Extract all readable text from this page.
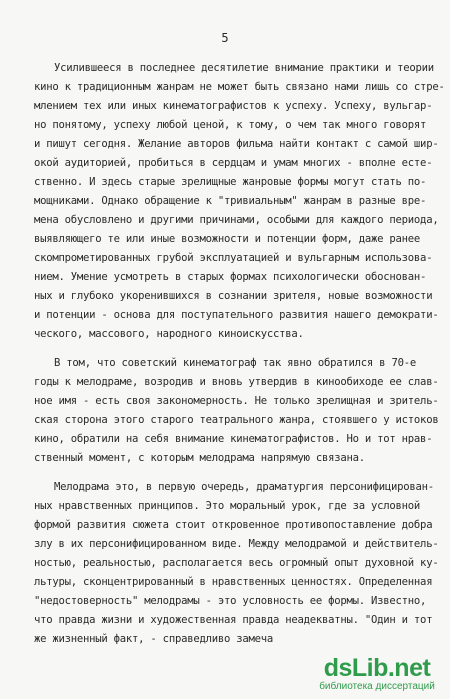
5
Усилившееся в последнее десятилетие внимание практики и теории
кино к традиционным жанрам не может быть связано нами лишь со стре-
млением тех или иных кинематографистов к успеху. Успеху, вульгар-
но понятому, успеху любой ценой, к тому, о чем так много говорят
и пишут сегодня. Желание авторов фильма найти контакт с самой шир-
окой аудиторией, пробиться в сердцам и умам многих - вполне есте-
ственно. И здесь старые зрелищные жанровые формы могут стать по-
мощниками. Однако обращение к "тривиальным" жанрам в разные вре-
мена обусловлено и другими причинами, особыми для каждого периода,
выявляющего те или иные возможности и потенции форм, даже ранее
скомпрометированных грубой эксплуатацией и вульгарным использова-
нием. Умение усмотреть в старых формах психологически обоснован-
ных и глубоко укоренившихся в сознании зрителя, новые возможности
и потенции - основа для поступательного развития нашего демократи-
ческого, массового, народного киноискусства.
В том, что советский кинематограф так явно обратился в 70-е
годы к мелодраме, возродив и вновь утвердив в кинообиходе ее слав-
ное имя - есть своя закономерность. Не только зрелищная и зритель-
ская сторона этого старого театрального жанра, стоявшего у истоков
кино, обратили на себя внимание кинематографистов. Но и тот нрав-
ственный момент, с которым мелодрама напрямую связана.
Мелодрама это, в первую очередь, драматургия персонифицирован-
ных нравственных принципов. Это моральный урок, где за условной
формой развития сюжета стоит откровенное противопоставление добра
злу в их персонифицированном виде. Между мелодрамой и действитель-
ностью, реальностью, располагается весь огромный опыт духовной ку-
льтуры, сконцентрированный в нравственных ценностях. Определенная
"недостоверность" мелодрамы - это условность ее формы. Известно,
что правда жизни и художественная правда неадекватны. "Один и тот
же жизненный факт, - справедливо замеча
dsLib.net
библиотека диссертаций
